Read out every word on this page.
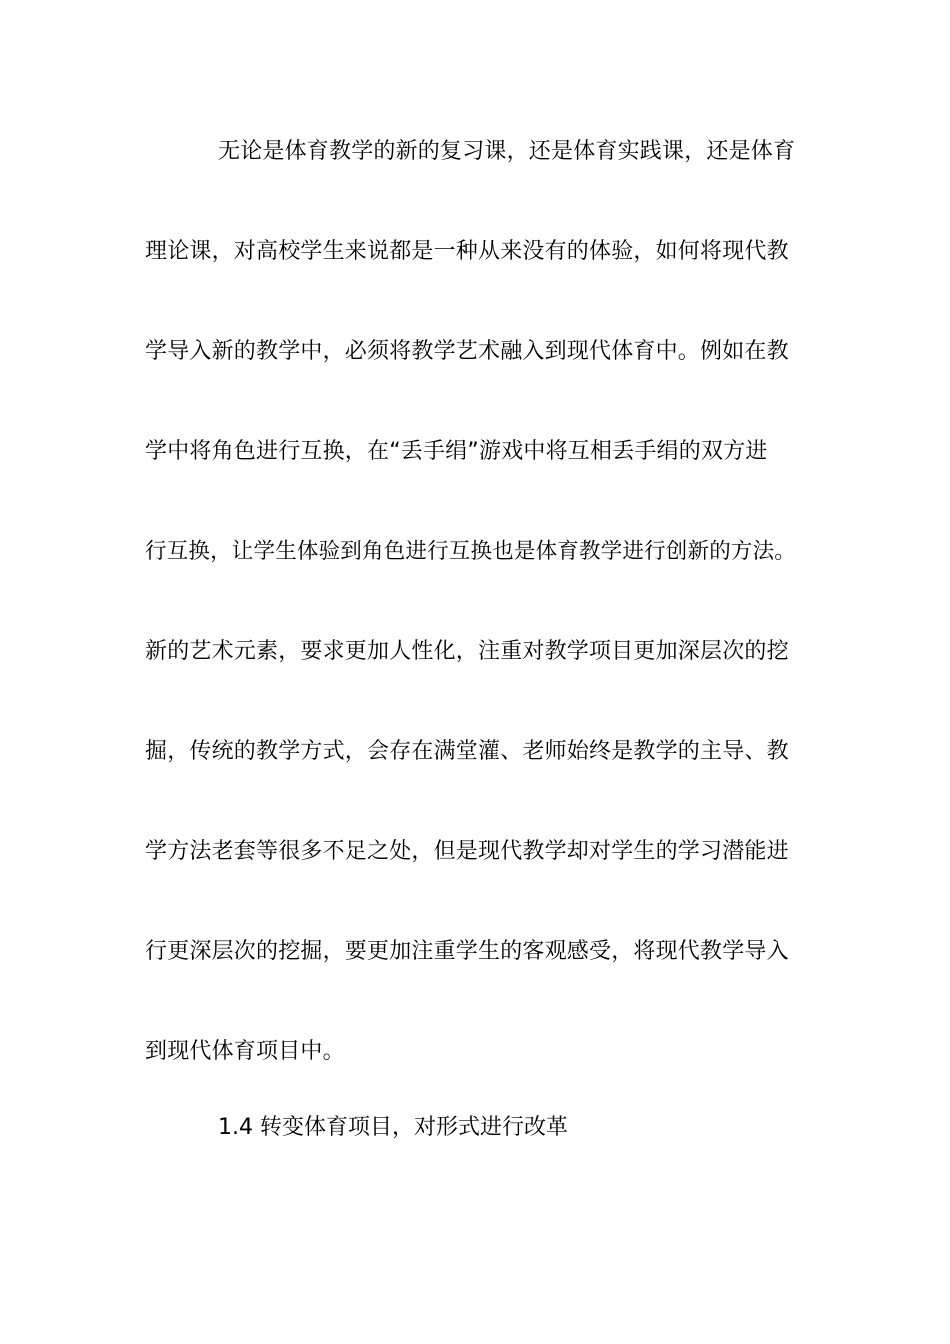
无论是体育教学的新的复习课，还是体育实践课，还是体育
理论课，对高校学生来说都是一种从来没有的体验，如何将现代教
学导入新的教学中，必须将教学艺术融入到现代体育中。例如在教
学中将角色进行互换，在“丢手绢”游戏中将互相丢手绢的双方进
行互换，让学生体验到角色进行互换也是体育教学进行创新的方法。
新的艺术元素，要求更加人性化，注重对教学项目更加深层次的挖
掘，传统的教学方式，会存在满堂灌、老师始终是教学的主导、教
学方法老套等很多不足之处，但是现代教学却对学生的学习潜能进
行更深层次的挖掘，要更加注重学生的客观感受，将现代教学导入
到现代体育项目中。
1.4 转变体育项目，对形式进行改革
